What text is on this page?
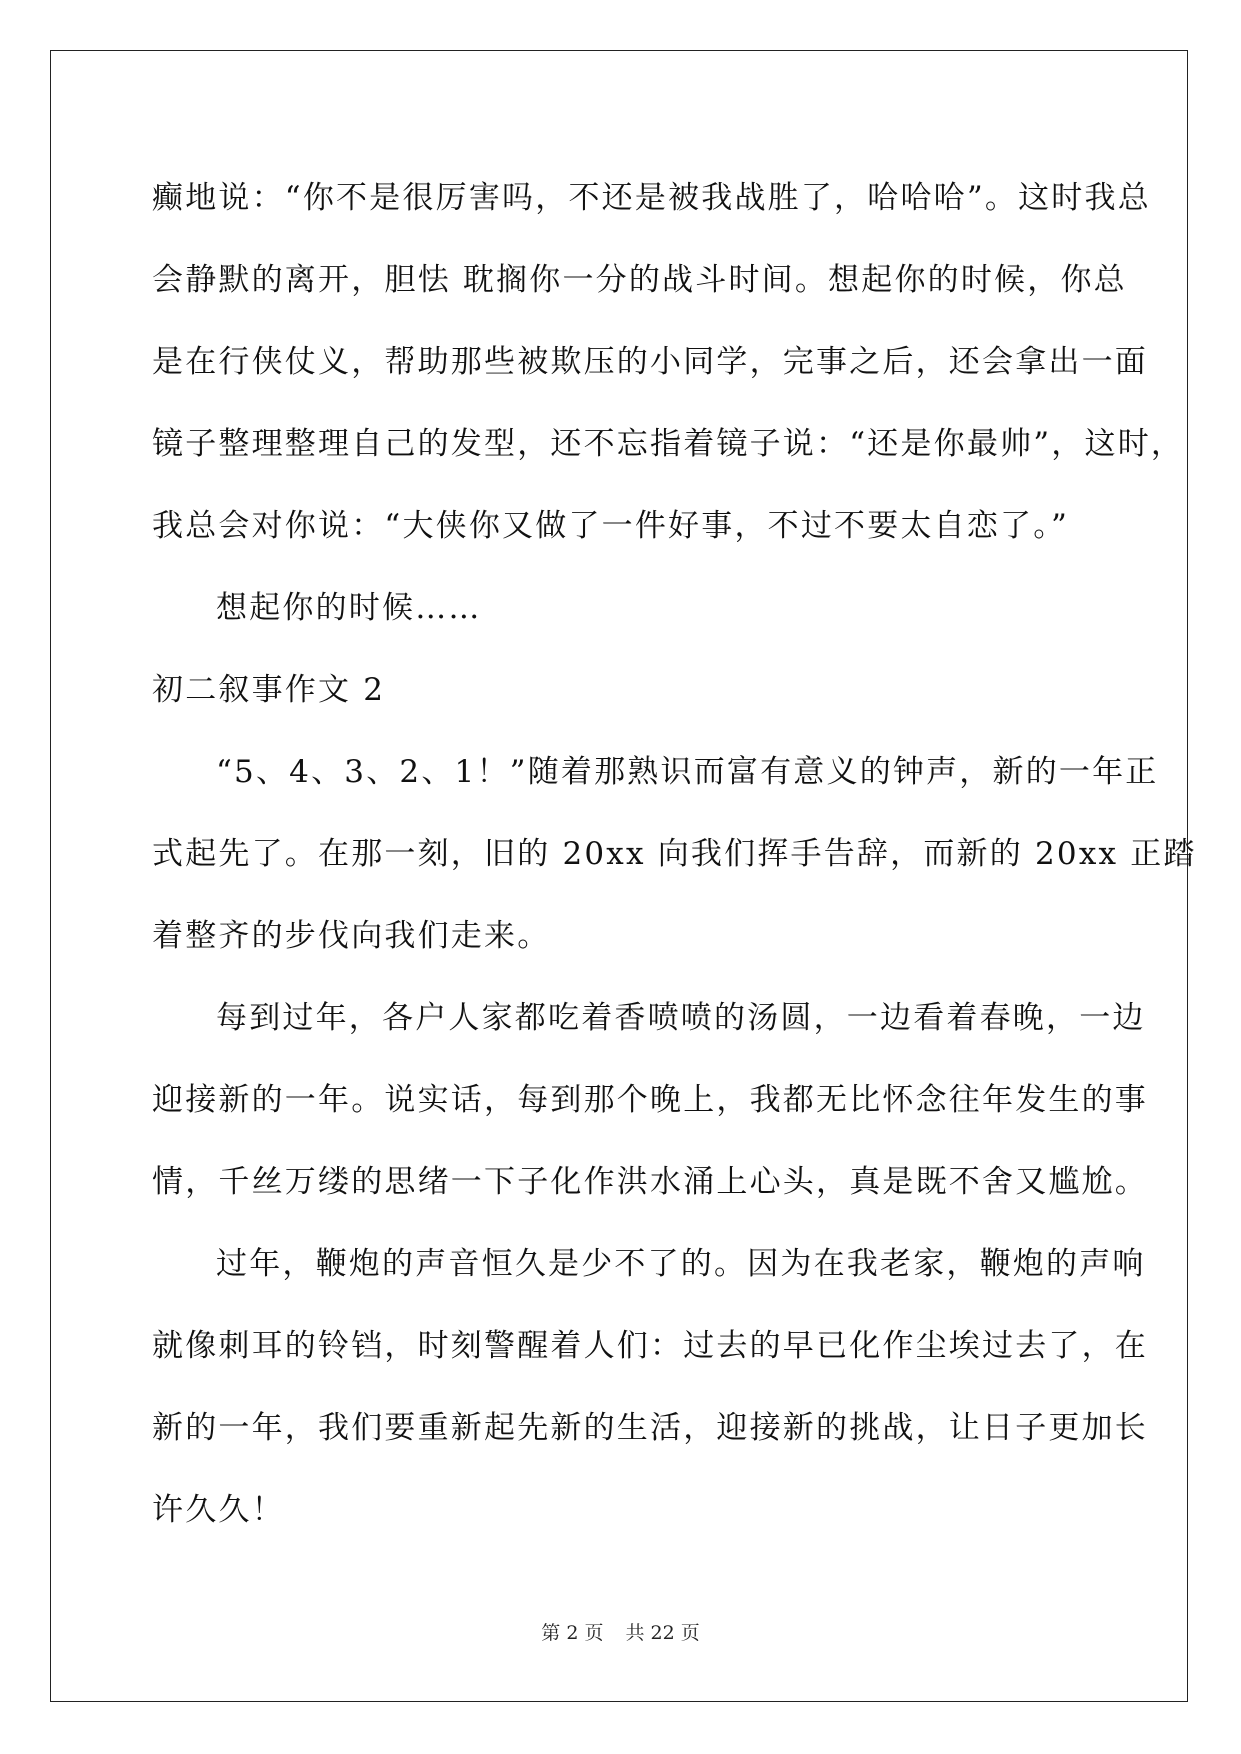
癫地说：“你不是很厉害吗，不还是被我战胜了，哈哈哈”。这时我总

会静默的离开，胆怯 耽搁你一分的战斗时间。想起你的时候，你总

是在行侠仗义，帮助那些被欺压的小同学，完事之后，还会拿出一面

镜子整理整理自己的发型，还不忘指着镜子说：“还是你最帅”，这时，

我总会对你说：“大侠你又做了一件好事，不过不要太自恋了。”

想起你的时候……

初二叙事作文 2

“5、4、3、2、1！”随着那熟识而富有意义的钟声，新的一年正

式起先了。在那一刻，旧的 20xx 向我们挥手告辞，而新的 20xx 正踏

着整齐的步伐向我们走来。

每到过年，各户人家都吃着香喷喷的汤圆，一边看着春晚，一边

迎接新的一年。说实话，每到那个晚上，我都无比怀念往年发生的事

情，千丝万缕的思绪一下子化作洪水涌上心头，真是既不舍又尴尬。

过年，鞭炮的声音恒久是少不了的。因为在我老家，鞭炮的声响

就像刺耳的铃铛，时刻警醒着人们：过去的早已化作尘埃过去了，在

新的一年，我们要重新起先新的生活，迎接新的挑战，让日子更加长

许久久！

第 2 页 共 22 页
